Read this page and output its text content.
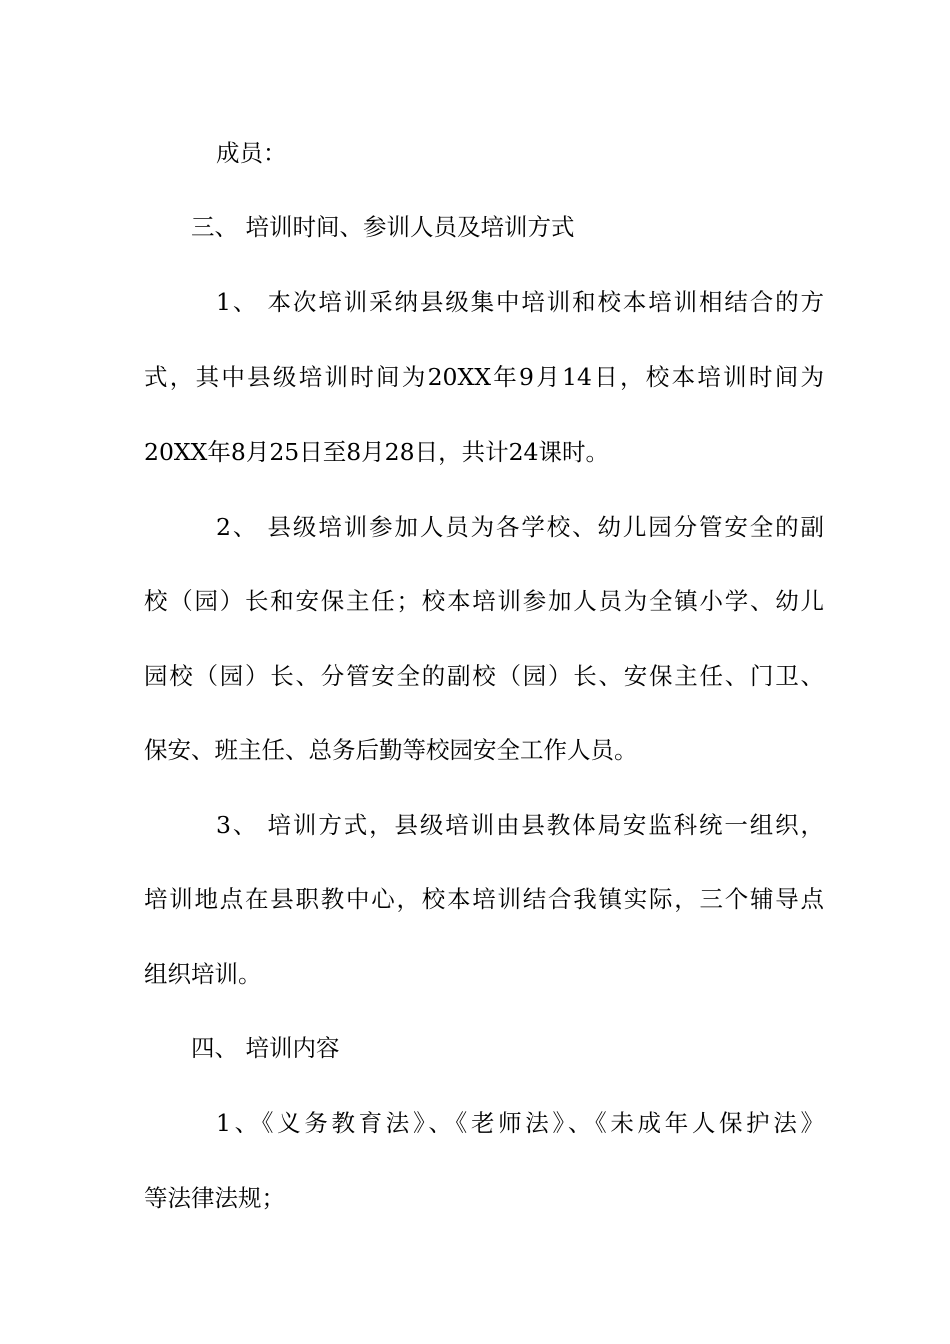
成员：
三、 培训时间、参训人员及培训方式
1、 本次培训采纳县级集中培训和校本培训相结合的方
式，其中县级培训时间为20XX年9月14日，校本培训时间为
20XX年8月25日至8月28日，共计24课时。
2、 县级培训参加人员为各学校、幼儿园分管安全的副
校（园）长和安保主任；校本培训参加人员为全镇小学、幼儿
园校（园）长、分管安全的副校（园）长、安保主任、门卫、
保安、班主任、总务后勤等校园安全工作人员。
3、 培训方式，县级培训由县教体局安监科统一组织，
培训地点在县职教中心，校本培训结合我镇实际，三个辅导点
组织培训。
四、 培训内容
1、《义务教育法》、《老师法》、《未成年人保护法》
等法律法规；
